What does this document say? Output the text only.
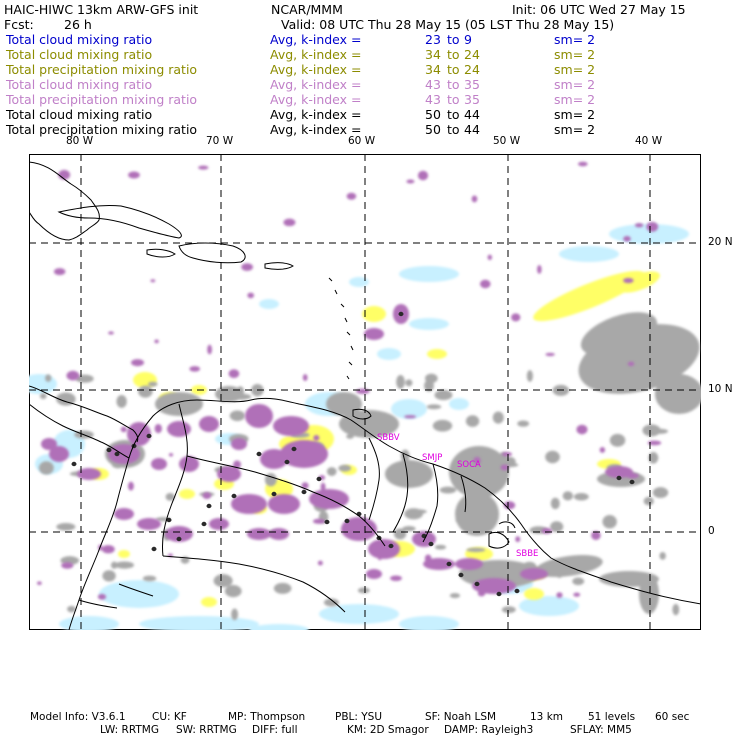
HAIC-HIWC 13km ARW-GFS init	NCAR/MMM	Init: 06 UTC Wed 27 May 15
Fcst: 26 h	Valid: 08 UTC Thu 28 May 15 (05 LST Thu 28 May 15)
Total cloud mixing ratio	Avg, k-index =	23 to 9	sm= 2
Total cloud mixing ratio	Avg, k-index =	34 to 24	sm= 2
Total precipitation mixing ratio	Avg, k-index =	34 to 24	sm= 2
Total cloud mixing ratio	Avg, k-index =	43 to 35	sm= 2
Total precipitation mixing ratio	Avg, k-index =	43 to 35	sm= 2
Total cloud mixing ratio	Avg, k-index =	50 to 44	sm= 2
Total precipitation mixing ratio	Avg, k-index =	50 to 44	sm= 2
SBBV
SMJP
SOCA
SBBE
80 W	70 W	60 W	50 W	40 W
20 N
10 N
0
Model Info: V3.6.1	CU: KF	MP: Thompson	PBL: YSU	SF: Noah LSM	13 km 51 levels 60 sec
LW: RRTMG SW: RRTMG DIFF: full	KM: 2D Smagor DAMP: Rayleigh3	SFLAY: MM5
